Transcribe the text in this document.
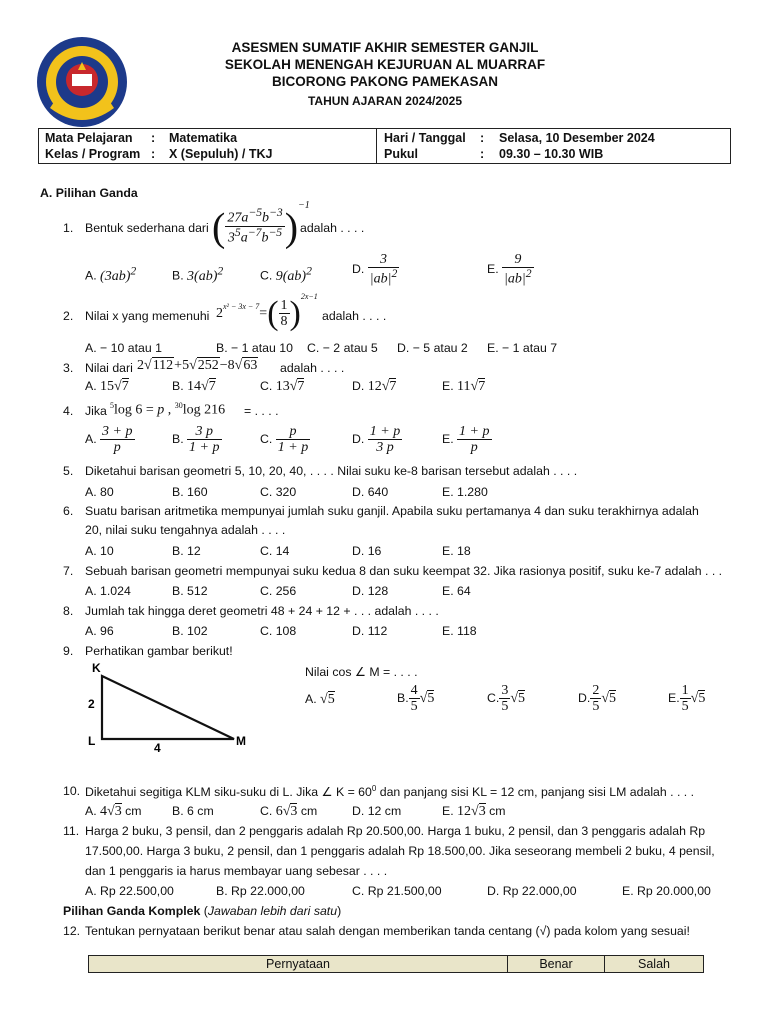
ASESMEN SUMATIF AKHIR SEMESTER GANJIL
SEKOLAH MENENGAH KEJURUAN AL MUARRAF
BICORONG PAKONG PAMEKASAN
TAHUN AJARAN 2024/2025
Mata Pelajaran : Matematika
Kelas / Program : X (Sepuluh) / TKJ
Hari / Tanggal : Selasa, 10 Desember 2024
Pukul	: 09.30 – 10.30 WIB
A. Pilihan Ganda
1. Bentuk sederhana dari ( $\frac{27a^{-5}b^{-3}}{3^5a^{-7}b^{-5}} )^{-1}$
adalah . . . .
A. $(3ab)^2$	B. 3(ab)$^2$	C. 9(ab)$^2$	D. $\frac{3}{|ab|^2}$	E. $\frac{9}{|ab|^2}$
2. Nilai x yang memenuhi $2^{x^2 - 3x - 7}=( \frac{1}{8} )^{2x-1}$
adalah . . . .
A. − 10 atau 1	B. − 1 atau 10 C. − 2 atau 5 D. − 5 atau 2 E. − 1 atau 7
3. Nilai dari 2√112+5√252−8√63 adalah . . . .
A. 15√7	B. 14√7	C. 13√7	D. 12√7	E. 11√7
4. Jika $^5$log 6 = p , $^{30}$log 216 = . . . .
A. $\frac{3 + p}{p}$	B. $\frac{3 p}{1 + p}$	C. $\frac{p}{1 + p}$	D. $\frac{1 + p}{3 p}$	E. $\frac{1 + p}{p}$
5. Diketahui barisan geometri 5, 10, 20, 40, . . . . Nilai suku ke-8 barisan tersebut adalah . . . .
A. 80	B. 160	C. 320	D. 640	E. 1.280
6. Suatu barisan aritmetika mempunyai jumlah suku ganjil. Apabila suku pertamanya 4 dan suku terakhirnya adalah
20, nilai suku tengahnya adalah . . . .
A. 10	B. 12	C. 14	D. 16	E. 18
7. Sebuah barisan geometri mempunyai suku kedua 8 dan suku keempat 32. Jika rasionya positif, suku ke-7 adalah . . .
A. 1.024	B. 512	C. 256	D. 128	E. 64
8. Jumlah tak hingga deret geometri 48 + 24 + 12 + . . . adalah . . . .
A. 96	B. 102	C. 108	D. 112	E. 118
9. Perhatikan gambar berikut!
K
L	M
2
4
Nilai cos ∠ M = . . . .
A. √5	B. $\frac{4}{5} √5$	C. $\frac{3}{5} √5$	D. $\frac{2}{5} √5$	E. $\frac{1}{5} √5$
10. Diketahui segitiga KLM siku-suku di L. Jika ∠ $K = 60^0$ dan panjang sisi KL = 12 cm, panjang sisi LM adalah . . . .
A. 4√3 cm B. 6 cm	C. 6√3 cm	D. 12 cm	E. 12√3 cm
11. Harga 2 buku, 3 pensil, dan 2 penggaris adalah Rp 20.500,00. Harga 1 buku, 2 pensil, dan 3 penggaris adalah Rp
17.500,00. Harga 3 buku, 2 pensil, dan 1 penggaris adalah Rp 18.500,00. Jika seseorang membeli 2 buku, 4 pensil,
dan 1 penggaris ia harus membayar uang sebesar . . . .
A. Rp 22.500,00	B. Rp 22.000,00	C. Rp 21.500,00	D. Rp 22.000,00	E. Rp 20.000,00
Pilihan Ganda Komplek (Jawaban lebih dari satu)
12. Tentukan pernyataan berikut benar atau salah dengan memberikan tanda centang (√) pada kolom yang sesuai!
Pernyataan	Benar	Salah
